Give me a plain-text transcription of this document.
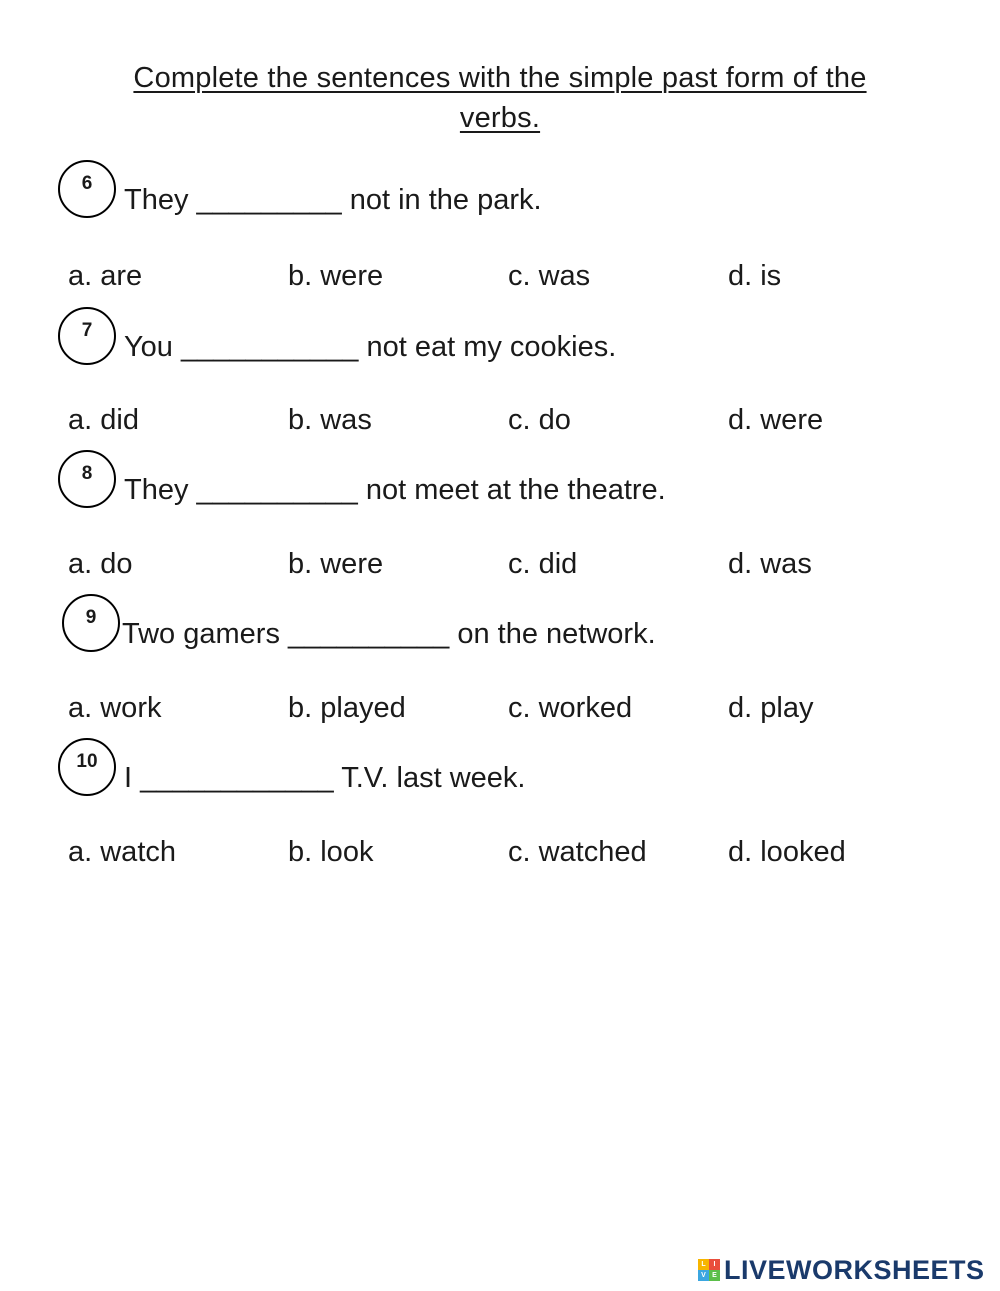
Complete the sentences with the simple past form of the verbs.
6
They _________ not in the park.
a. are	b. were	c. was	d. is
7
You ___________ not eat my cookies.
a. did	b. was	c. do	d. were
8
They __________ not meet at the theatre.
a. do	b. were	c. did	d. was
9
Two gamers __________ on the network.
a. work	b. played	c. worked	d. play
10
I ____________ T.V. last week.
a. watch	b. look	c. watched	d. looked
L	I
V E LIVEWORKSHEETS
